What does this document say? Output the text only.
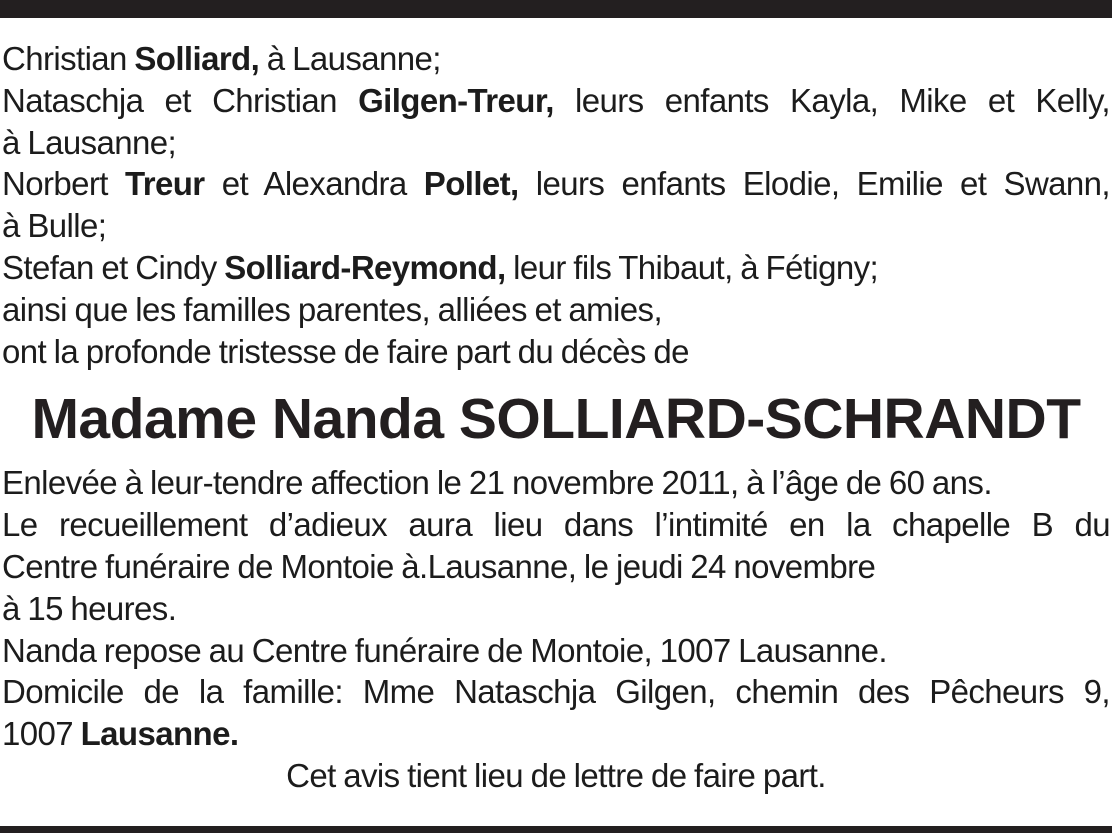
Christian Solliard, à Lausanne;
Nataschja et Christian Gilgen-Treur, leurs enfants Kayla, Mike et Kelly,
à Lausanne;
Norbert Treur et Alexandra Pollet, leurs enfants Elodie, Emilie et Swann,
à Bulle;
Stefan et Cindy Solliard-Reymond, leur fils Thibaut, à Fétigny;
ainsi que les familles parentes, alliées et amies,
ont la profonde tristesse de faire part du décès de
Madame Nanda SOLLIARD-SCHRANDT
Enlevée à leur-tendre affection le 21 novembre 2011, à l’âge de 60 ans.
Le recueillement d’adieux aura lieu dans l’intimité en la chapelle B du
Centre funéraire de Montoie à.Lausanne, le jeudi 24 novembre
à 15 heures.
Nanda repose au Centre funéraire de Montoie, 1007 Lausanne.
Domicile de la famille: Mme Nataschja Gilgen, chemin des Pêcheurs 9,
1007 Lausanne.
Cet avis tient lieu de lettre de faire part.
